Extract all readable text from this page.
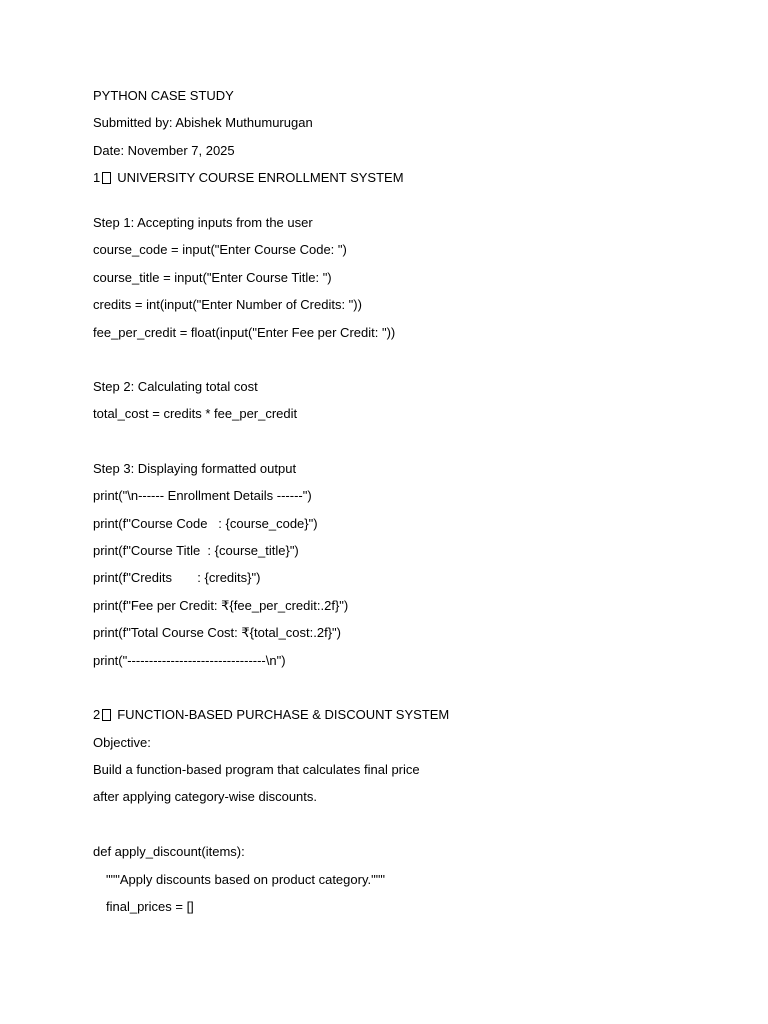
PYTHON CASE STUDY
Submitted by: Abishek Muthumurugan
Date: November 7, 2025
1 UNIVERSITY COURSE ENROLLMENT SYSTEM
Step 1: Accepting inputs from the user
course_code = input("Enter Course Code: ")
course_title = input("Enter Course Title: ")
credits = int(input("Enter Number of Credits: "))
fee_per_credit = float(input("Enter Fee per Credit: "))
Step 2: Calculating total cost
total_cost = credits * fee_per_credit
Step 3: Displaying formatted output
print("\n------ Enrollment Details ------")
print(f"Course Code   : {course_code}")
print(f"Course Title  : {course_title}")
print(f"Credits       : {credits}")
print(f"Fee per Credit: ₹{fee_per_credit:.2f}")
print(f"Total Course Cost: ₹{total_cost:.2f}")
print("--------------------------------\n")
2 FUNCTION-BASED PURCHASE & DISCOUNT SYSTEM
Objective:
Build a function-based program that calculates final price
after applying category-wise discounts.
def apply_discount(items):
"""Apply discounts based on product category."""
final_prices = []
